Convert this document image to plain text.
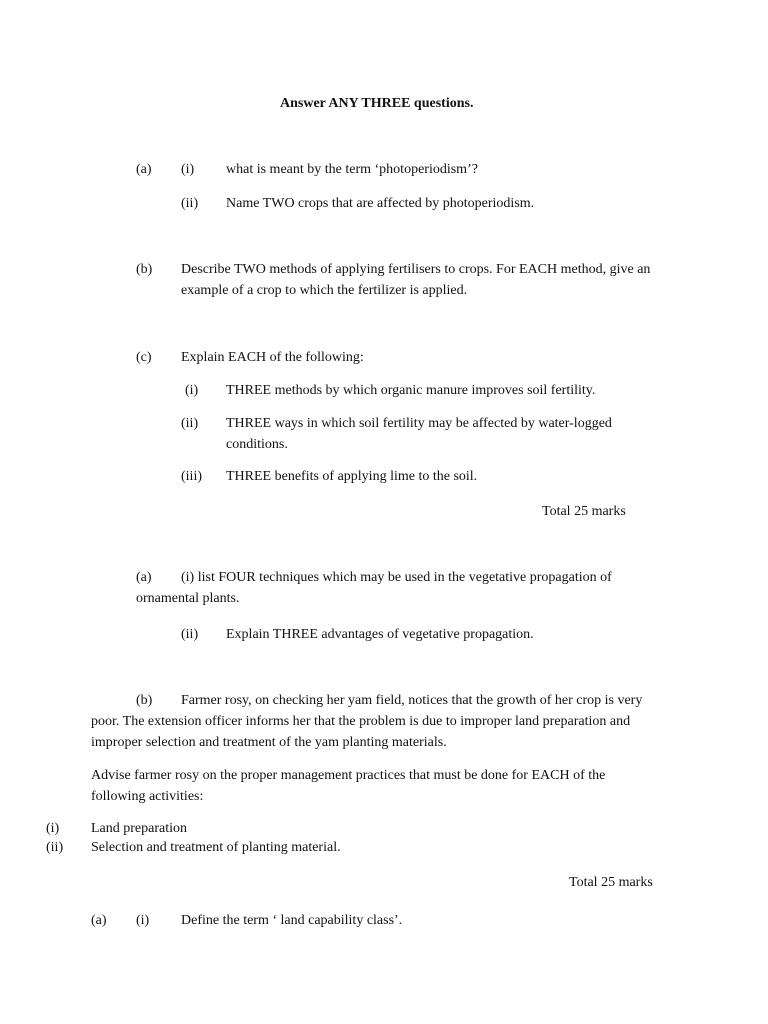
Answer ANY THREE questions.
(a) (i) what is meant by the term ‘photoperiodism’?
(ii) Name TWO crops that are affected by photoperiodism.
(b) Describe TWO methods of applying fertilisers to crops. For EACH method, give an example of a crop to which the fertilizer is applied.
(c) Explain EACH of the following:
(i) THREE methods by which organic manure improves soil fertility.
(ii) THREE ways in which soil fertility may be affected by water-logged conditions.
(iii) THREE benefits of applying lime to the soil.
Total 25 marks
(a)	(i) list FOUR techniques which may be used in the vegetative propagation of ornamental plants.
(ii) Explain THREE advantages of vegetative propagation.
(b) Farmer rosy, on checking her yam field, notices that the growth of her crop is very
poor. The extension officer informs her that the problem is due to improper land preparation and improper selection and treatment of the yam planting materials.
Advise farmer rosy on the proper management practices that must be done for EACH of the following activities:
(i) Land preparation
(ii) Selection and treatment of planting material.
Total 25 marks
(a) (i) Define the term ‘ land capability class’.
